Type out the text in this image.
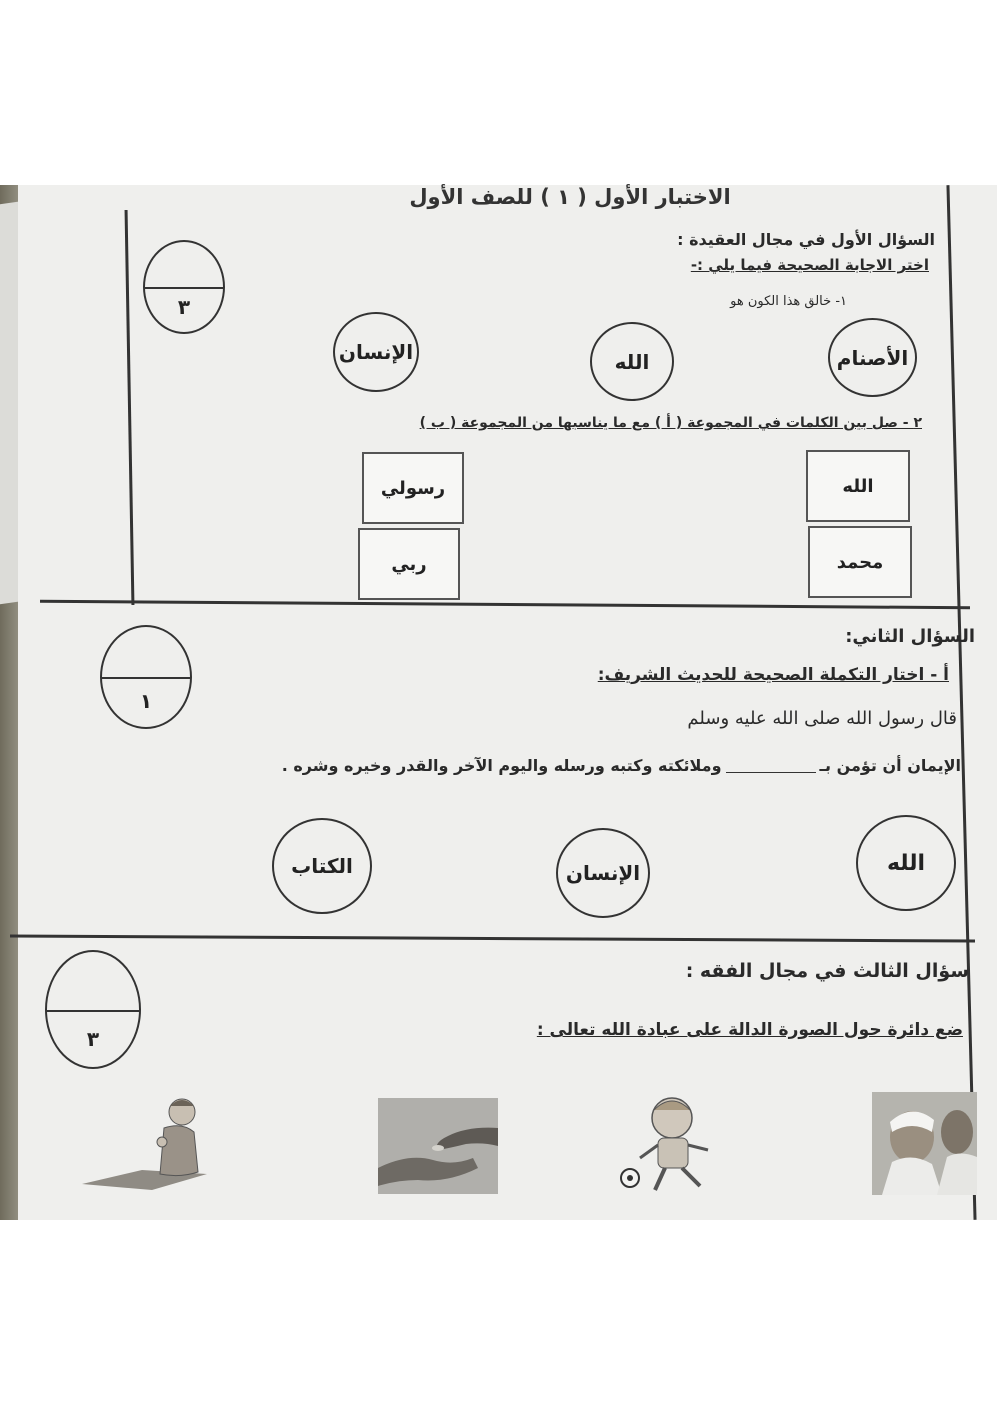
الاختبار الأول ( ١ ) للصف الأول
السؤال الأول في مجال العقيدة :
اختر الاجابة الصحيحة فيما يلي :-
٣	١- خالق هذا الكون هو
الأصنام
الله
الإنسان
٢ - صل بين الكلمات في المجموعة ( أ ) مع ما يناسبها من المجموعة ( ب )
الله
محمد
رسولي
ربي
السؤال الثاني:
أ - اختار التكملة الصحيحة للحديث الشريف:
١
قال رسول الله صلى الله عليه وسلم
الإيمان أن تؤمن بـ
وملائكته وكتبه ورسله واليوم الآخر والقدر وخيره وشره .
الله
الإنسان
الكتاب
سؤال الثالث في مجال الفقه :
ضع دائرة حول الصورة الدالة على عبادة الله تعالى :
٣
